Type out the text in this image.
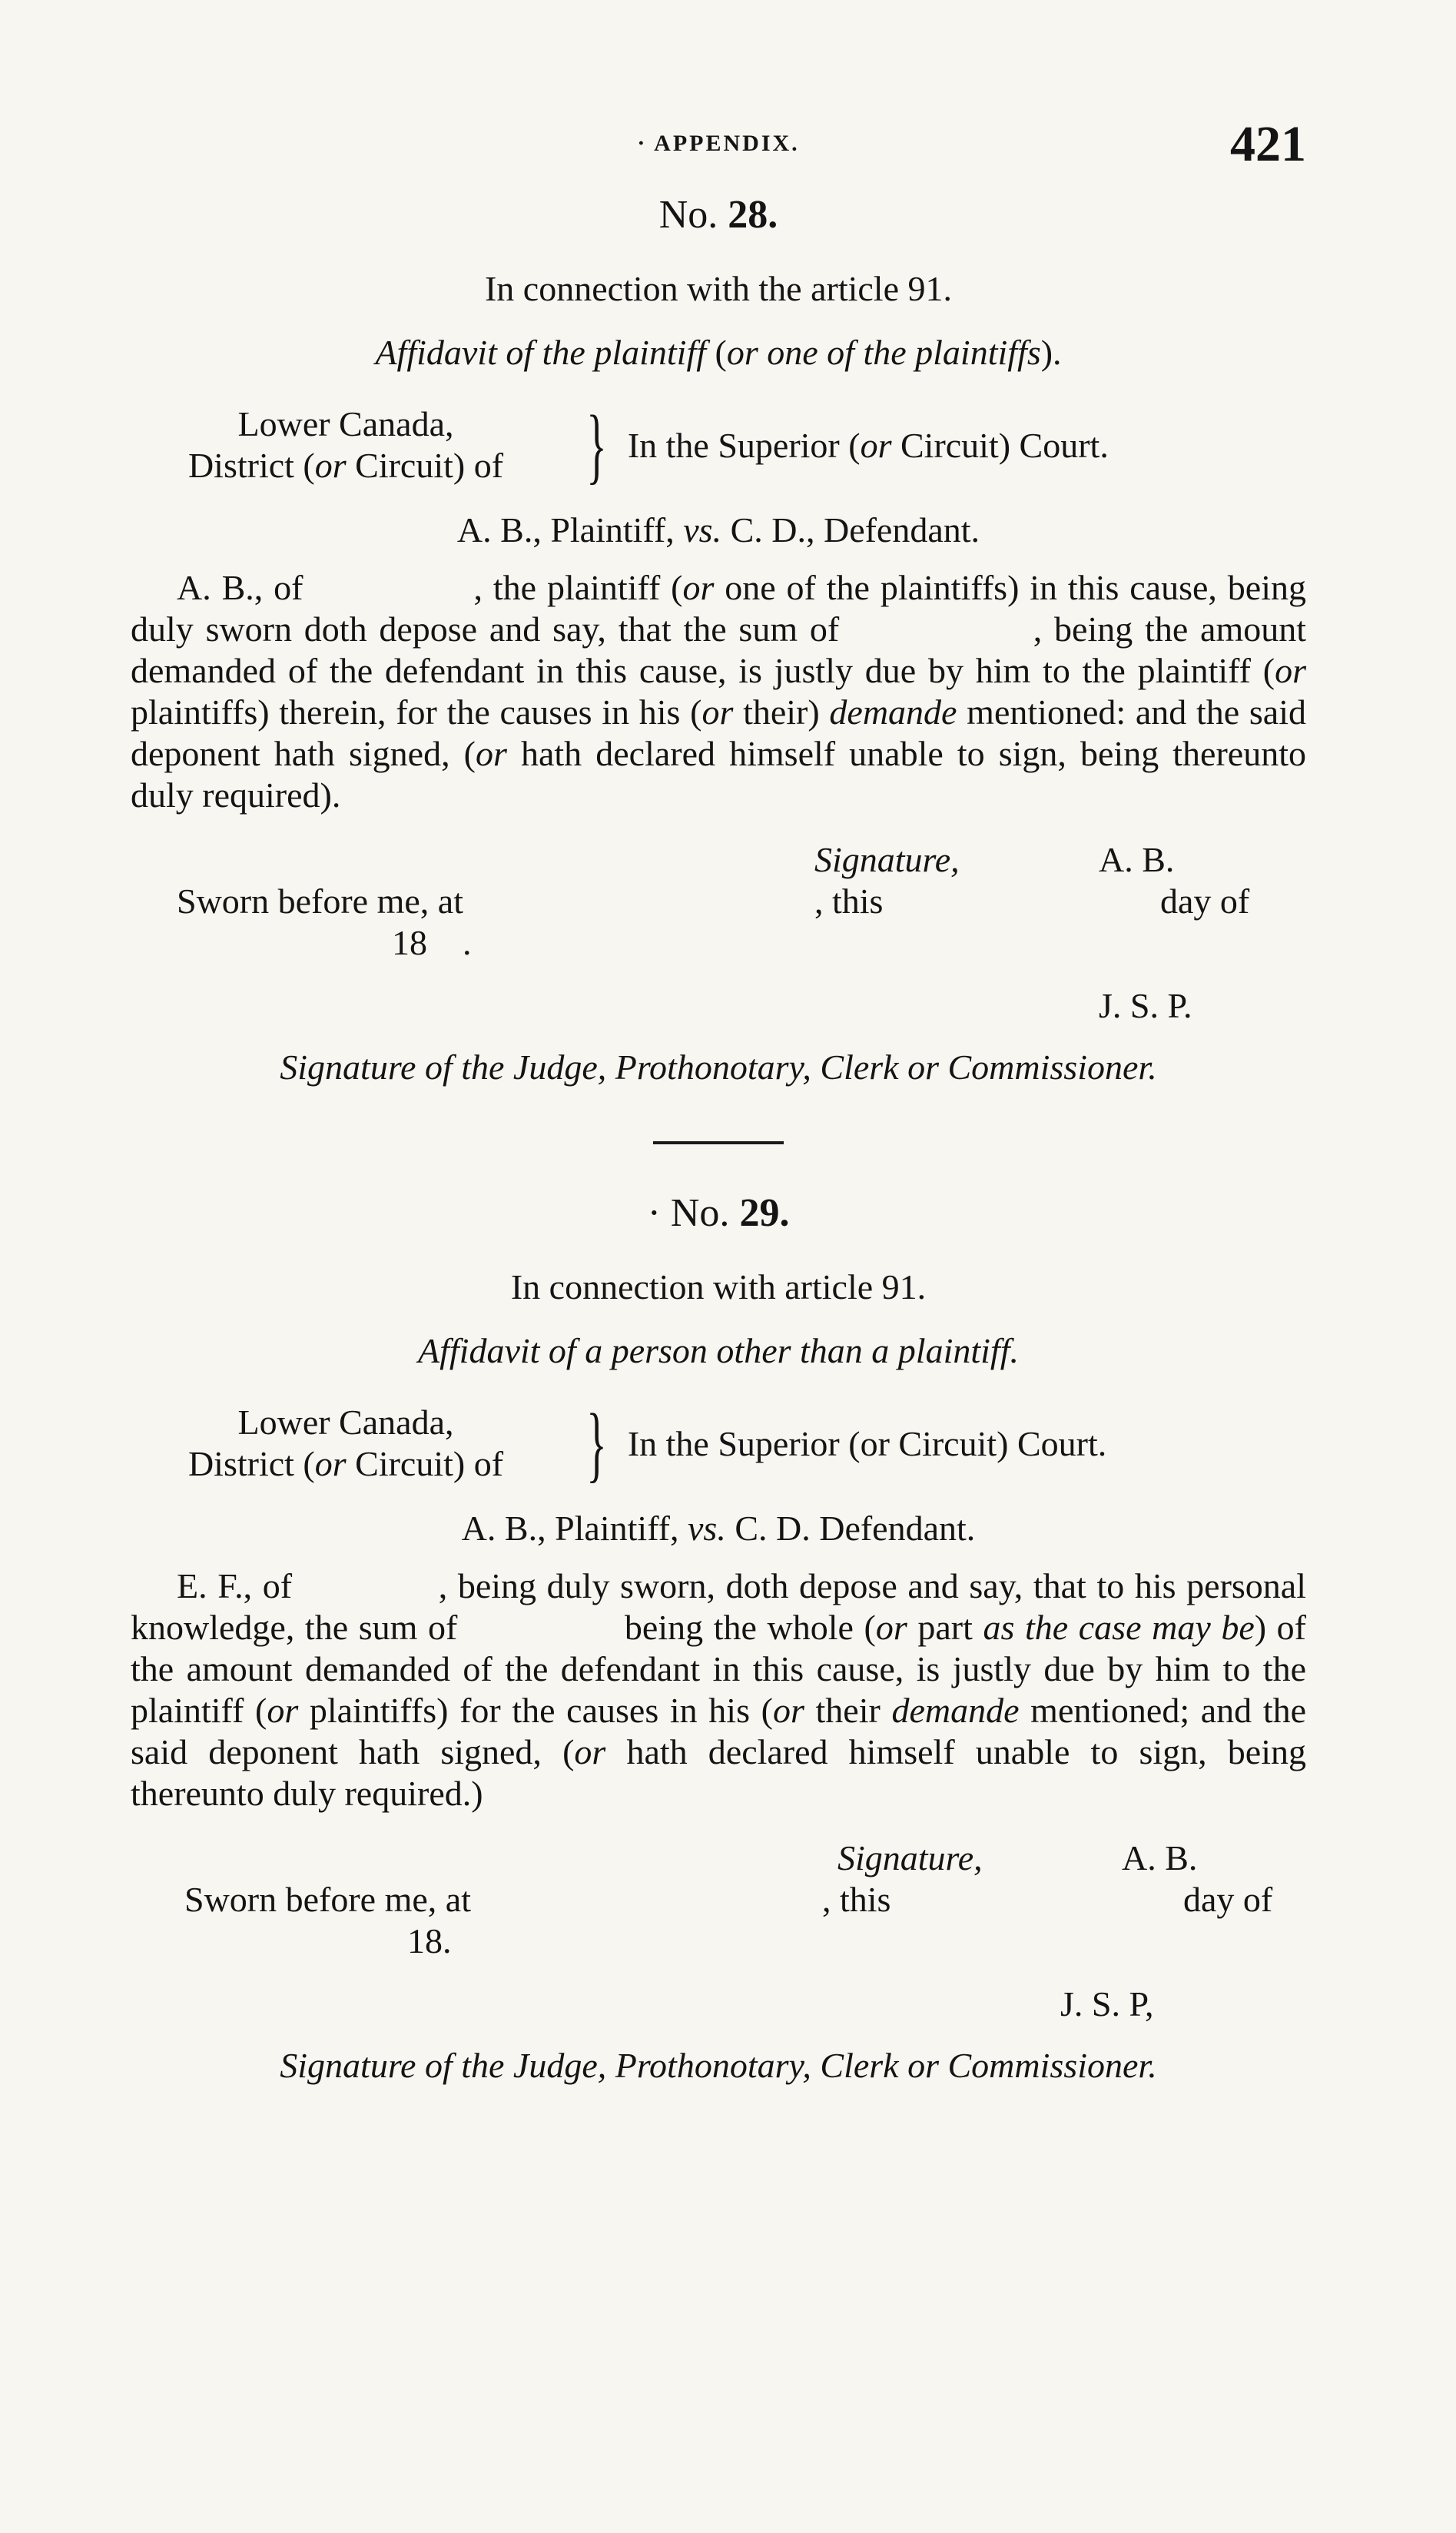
· APPENDIX.	421
No. 28.
In connection with the article 91.
Affidavit of the plaintiff (or one of the plaintiffs).
Lower Canada,
District (or Circuit) of } In the Superior (or Circuit) Court.
A. B., Plaintiff, vs. C. D., Defendant.

A. B., of                , the plaintiff (or one of the plaintiffs) in this cause, being duly sworn doth depose and say, that the sum of                , being the amount demanded of the defendant in this cause, is justly due by him to the plaintiff (or plaintiffs) therein, for the causes in his (or their) demande mentioned: and the said deponent hath signed, (or hath declared himself unable to sign, being thereunto duly required).

Signature,	A. B.
Sworn before me, at	, this	day of
18    .
J. S. P.

Signature of the Judge, Prothonotary, Clerk or Commissioner.

· No. 29.
In connection with article 91.
Affidavit of a person other than a plaintiff.
Lower Canada,
District (or Circuit) of } In the Superior (or Circuit) Court.
A. B., Plaintiff, vs. C. D. Defendant.

E. F., of              , being duly sworn, doth depose and say, that to his personal knowledge, the sum of                being the whole (or part as the case may be) of the amount demanded of the defendant in this cause, is justly due by him to the plaintiff (or plaintiffs) for the causes in his (or their demande mentioned; and the said deponent hath signed, (or hath declared himself unable to sign, being thereunto duly required.)

Signature,	A. B.
Sworn before me, at	, this	day of
18.
J. S. P,

Signature of the Judge, Prothonotary, Clerk or Commissioner.
